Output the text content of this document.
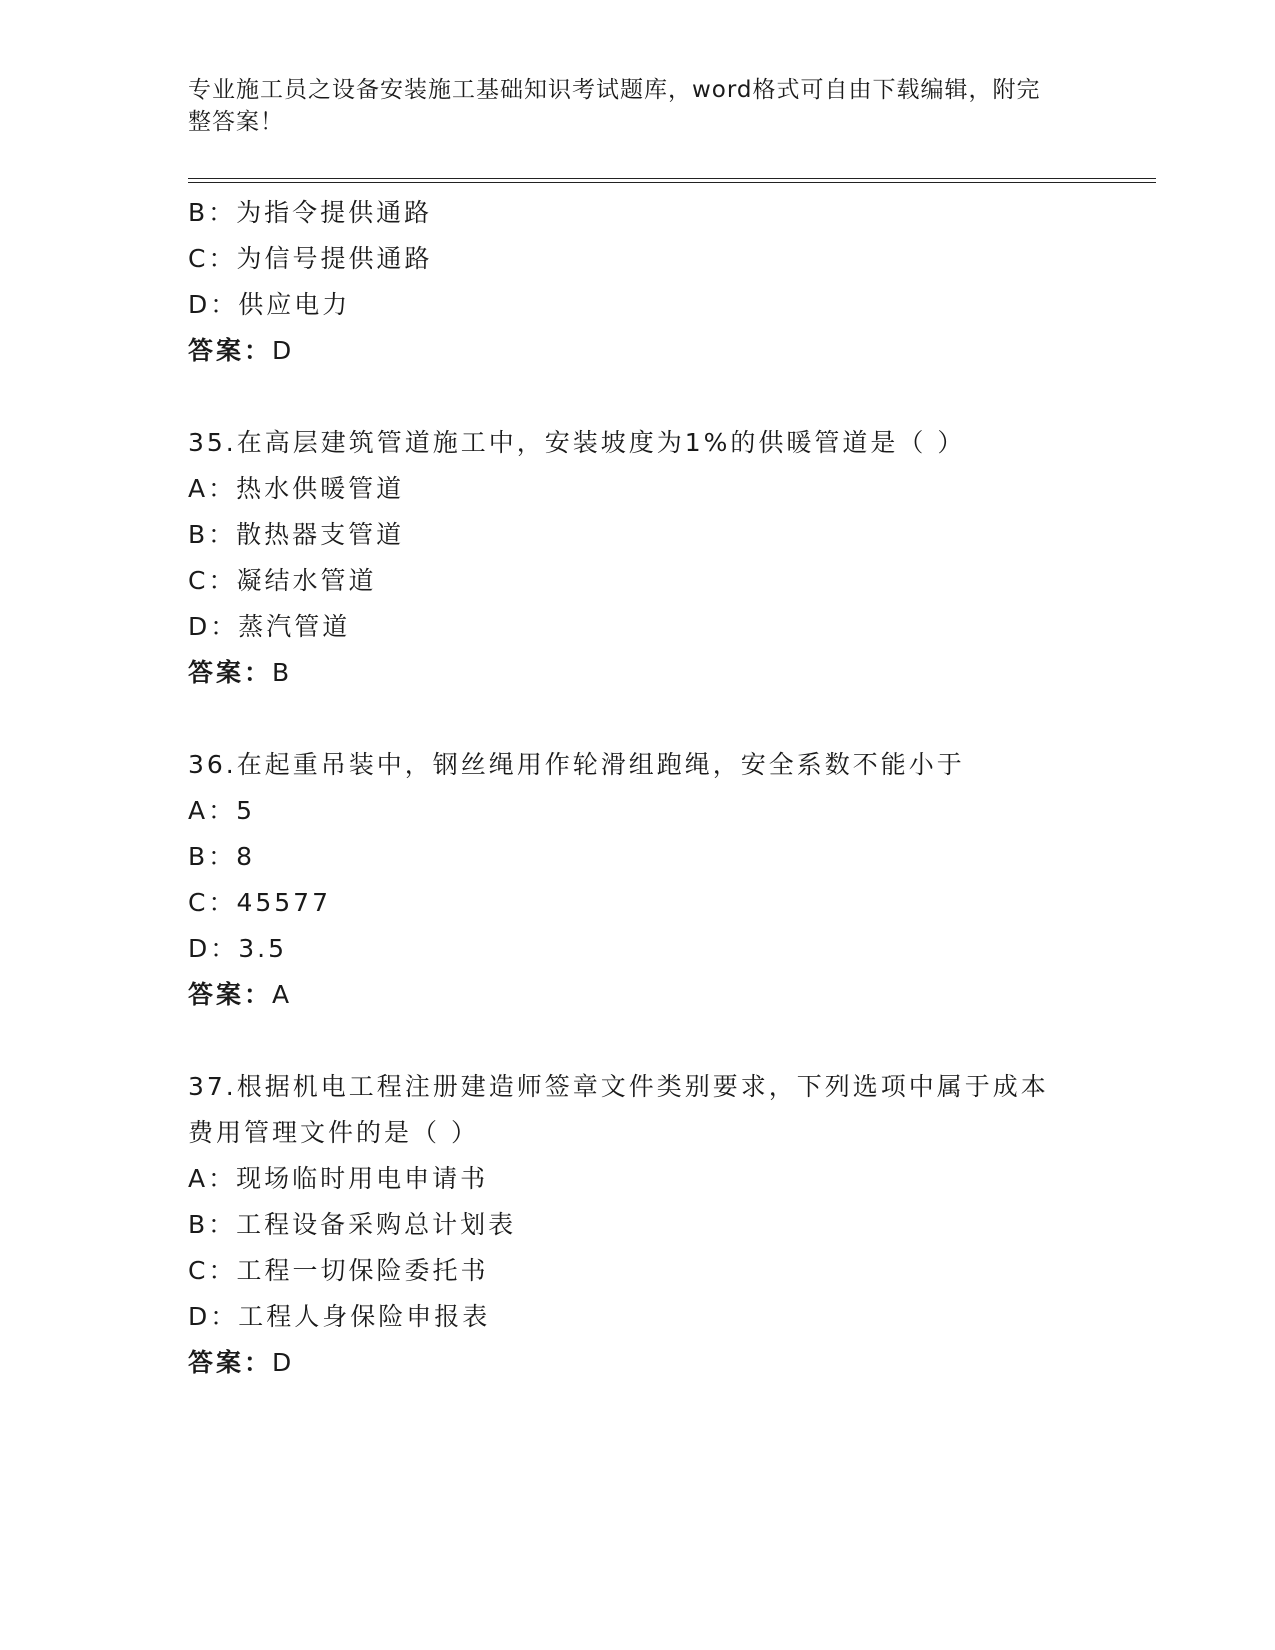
专业施工员之设备安装施工基础知识考试题库，word格式可自由下载编辑，附完
整答案！
B：为指令提供通路
C：为信号提供通路
D：供应电力
答案：D
35.在高层建筑管道施工中，安装坡度为1%的供暖管道是（ ）
A：热水供暖管道
B：散热器支管道
C：凝结水管道
D：蒸汽管道
答案：B
36.在起重吊装中，钢丝绳用作轮滑组跑绳，安全系数不能小于
A：5
B：8
C：45577
D：3.5
答案：A
37.根据机电工程注册建造师签章文件类别要求，下列选项中属于成本
费用管理文件的是（ ）
A：现场临时用电申请书
B：工程设备采购总计划表
C：工程一切保险委托书
D：工程人身保险申报表
答案：D
